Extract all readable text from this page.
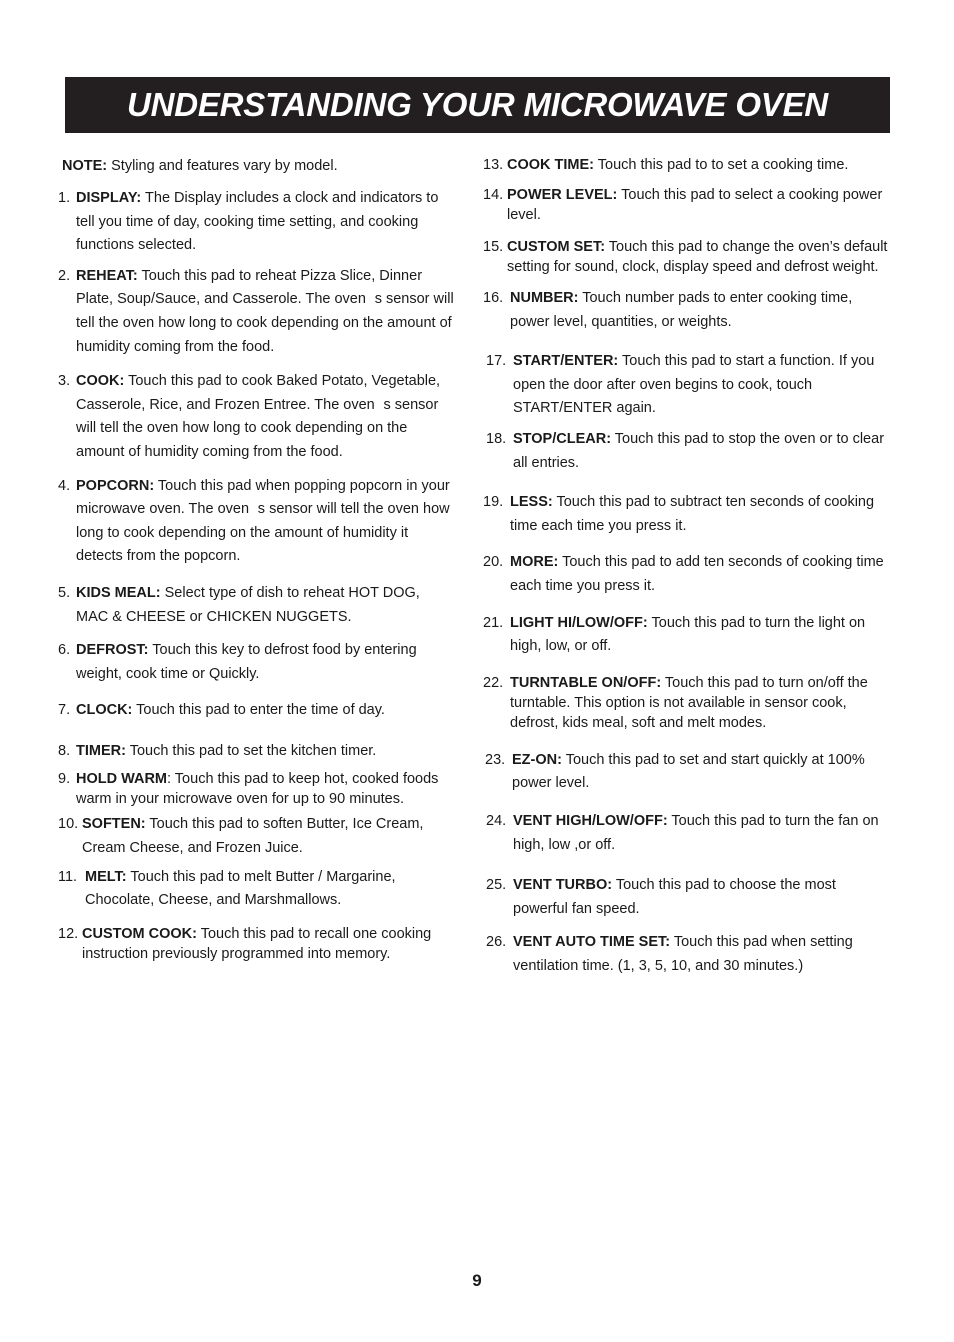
UNDERSTANDING YOUR MICROWAVE OVEN
NOTE: Styling and features vary by model.
1. DISPLAY: The Display includes a clock and indicators to tell you time of day, cooking time setting, and cooking functions selected.
2. REHEAT: Touch this pad to reheat Pizza Slice, Dinner Plate, Soup/Sauce, and Casserole. The ovens sensor will tell the oven how long to cook depending on the amount of humidity coming from the food.
3. COOK: Touch this pad to cook Baked Potato, Vegetable, Casserole, Rice, and Frozen Entree. The ovens sensor will tell the oven how long to cook depending on the amount of humidity coming from the food.
4. POPCORN: Touch this pad when popping popcorn in your microwave oven. The ovens sensor will tell the oven how long to cook depending on the amount of humidity it detects from the popcorn.
5. KIDS MEAL: Select type of dish to reheat HOT DOG, MAC & CHEESE or CHICKEN NUGGETS.
6. DEFROST: Touch this key to defrost food by entering weight, cook time or Quickly.
7. CLOCK: Touch this pad to enter the time of day.
8. TIMER: Touch this pad to set the kitchen timer.
9. HOLD WARM: Touch this pad to keep hot, cooked foods warm in your microwave oven for up to 90 minutes.
10. SOFTEN: Touch this pad to soften Butter, Ice Cream, Cream Cheese, and Frozen Juice.
11. MELT: Touch this pad to melt Butter / Margarine, Chocolate, Cheese, and Marshmallows.
12. CUSTOM COOK: Touch this pad to recall one cooking instruction previously programmed into memory.
13. COOK TIME: Touch this pad to to set a cooking time.
14. POWER LEVEL: Touch this pad to select a cooking power level.
15. CUSTOM SET: Touch this pad to change the oven’s default setting for sound, clock, display speed and defrost weight.
16. NUMBER: Touch number pads to enter cooking time, power level, quantities, or weights.
17. START/ENTER: Touch this pad to start a function. If you open the door after oven begins to cook, touch START/ENTER again.
18. STOP/CLEAR: Touch this pad to stop the oven or to clear all entries.
19. LESS: Touch this pad to subtract ten seconds of cooking time each time you press it.
20. MORE: Touch this pad to add ten seconds of cooking time each time you press it.
21. LIGHT HI/LOW/OFF: Touch this pad to turn the light on high, low, or off.
22. TURNTABLE ON/OFF: Touch this pad to turn on/off the turntable. This option is not available in sensor cook, defrost, kids meal, soft and melt modes.
23. EZ-ON: Touch this pad to set and start quickly at 100% power level.
24. VENT HIGH/LOW/OFF: Touch this pad to turn the fan on high, low ,or off.
25. VENT TURBO: Touch this pad to choose the most powerful fan speed.
26. VENT AUTO TIME SET: Touch this pad when setting ventilation time. (1, 3, 5, 10, and 30 minutes.)
9
